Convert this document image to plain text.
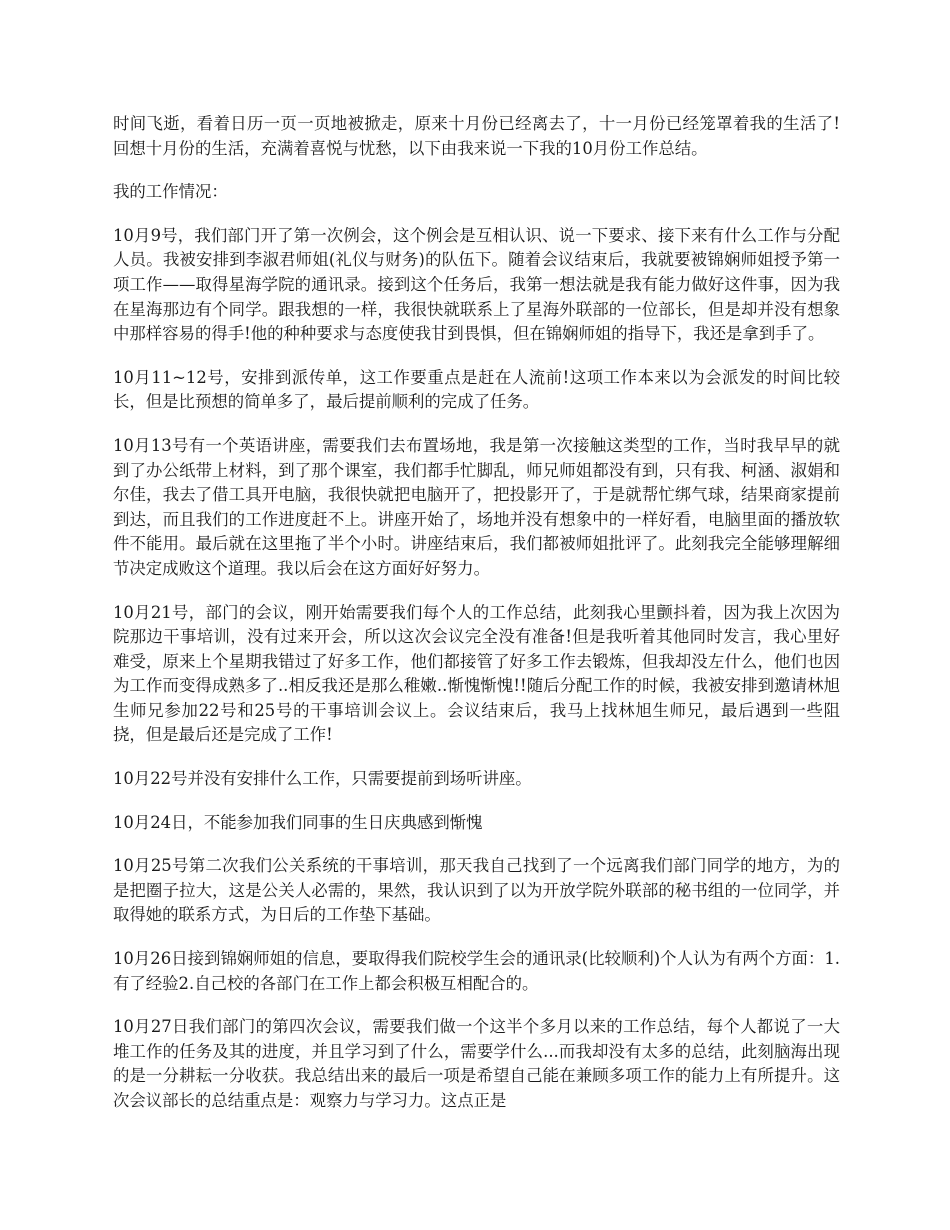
时间飞逝，看着日历一页一页地被掀走，原来十月份已经离去了，十一月份已经笼罩着我的生活了!回想十月份的生活，充满着喜悦与忧愁，以下由我来说一下我的10月份工作总结。

我的工作情况：

10月9号，我们部门开了第一次例会，这个例会是互相认识、说一下要求、接下来有什么工作与分配人员。我被安排到李淑君师姐(礼仪与财务)的队伍下。随着会议结束后，我就要被锦娴师姐授予第一项工作——取得星海学院的通讯录。接到这个任务后，我第一想法就是我有能力做好这件事，因为我在星海那边有个同学。跟我想的一样，我很快就联系上了星海外联部的一位部长，但是却并没有想象中那样容易的得手!他的种种要求与态度使我甘到畏惧，但在锦娴师姐的指导下，我还是拿到手了。

10月11~12号，安排到派传单，这工作要重点是赶在人流前!这项工作本来以为会派发的时间比较长，但是比预想的简单多了，最后提前顺利的完成了任务。

10月13号有一个英语讲座，需要我们去布置场地，我是第一次接触这类型的工作，当时我早早的就到了办公纸带上材料，到了那个课室，我们都手忙脚乱，师兄师姐都没有到，只有我、柯涵、淑娟和尔佳，我去了借工具开电脑，我很快就把电脑开了，把投影开了，于是就帮忙绑气球，结果商家提前到达，而且我们的工作进度赶不上。讲座开始了，场地并没有想象中的一样好看，电脑里面的播放软件不能用。最后就在这里拖了半个小时。讲座结束后，我们都被师姐批评了。此刻我完全能够理解细节决定成败这个道理。我以后会在这方面好好努力。

10月21号，部门的会议，刚开始需要我们每个人的工作总结，此刻我心里颤抖着，因为我上次因为院那边干事培训，没有过来开会，所以这次会议完全没有准备!但是我听着其他同时发言，我心里好难受，原来上个星期我错过了好多工作，他们都接管了好多工作去锻炼，但我却没左什么，他们也因为工作而变得成熟多了..相反我还是那么稚嫩..惭愧惭愧!!随后分配工作的时候，我被安排到邀请林旭生师兄参加22号和25号的干事培训会议上。会议结束后，我马上找林旭生师兄，最后遇到一些阻挠，但是最后还是完成了工作!

10月22号并没有安排什么工作，只需要提前到场听讲座。

10月24日，不能参加我们同事的生日庆典感到惭愧

10月25号第二次我们公关系统的干事培训，那天我自己找到了一个远离我们部门同学的地方，为的是把圈子拉大，这是公关人必需的，果然，我认识到了以为开放学院外联部的秘书组的一位同学，并取得她的联系方式，为日后的工作垫下基础。

10月26日接到锦娴师姐的信息，要取得我们院校学生会的通讯录(比较顺利)个人认为有两个方面：1.有了经验2.自己校的各部门在工作上都会积极互相配合的。

10月27日我们部门的第四次会议，需要我们做一个这半个多月以来的工作总结，每个人都说了一大堆工作的任务及其的进度，并且学习到了什么，需要学什么...而我却没有太多的总结，此刻脑海出现的是一分耕耘一分收获。我总结出来的最后一项是希望自己能在兼顾多项工作的能力上有所提升。这次会议部长的总结重点是：观察力与学习力。这点正是
